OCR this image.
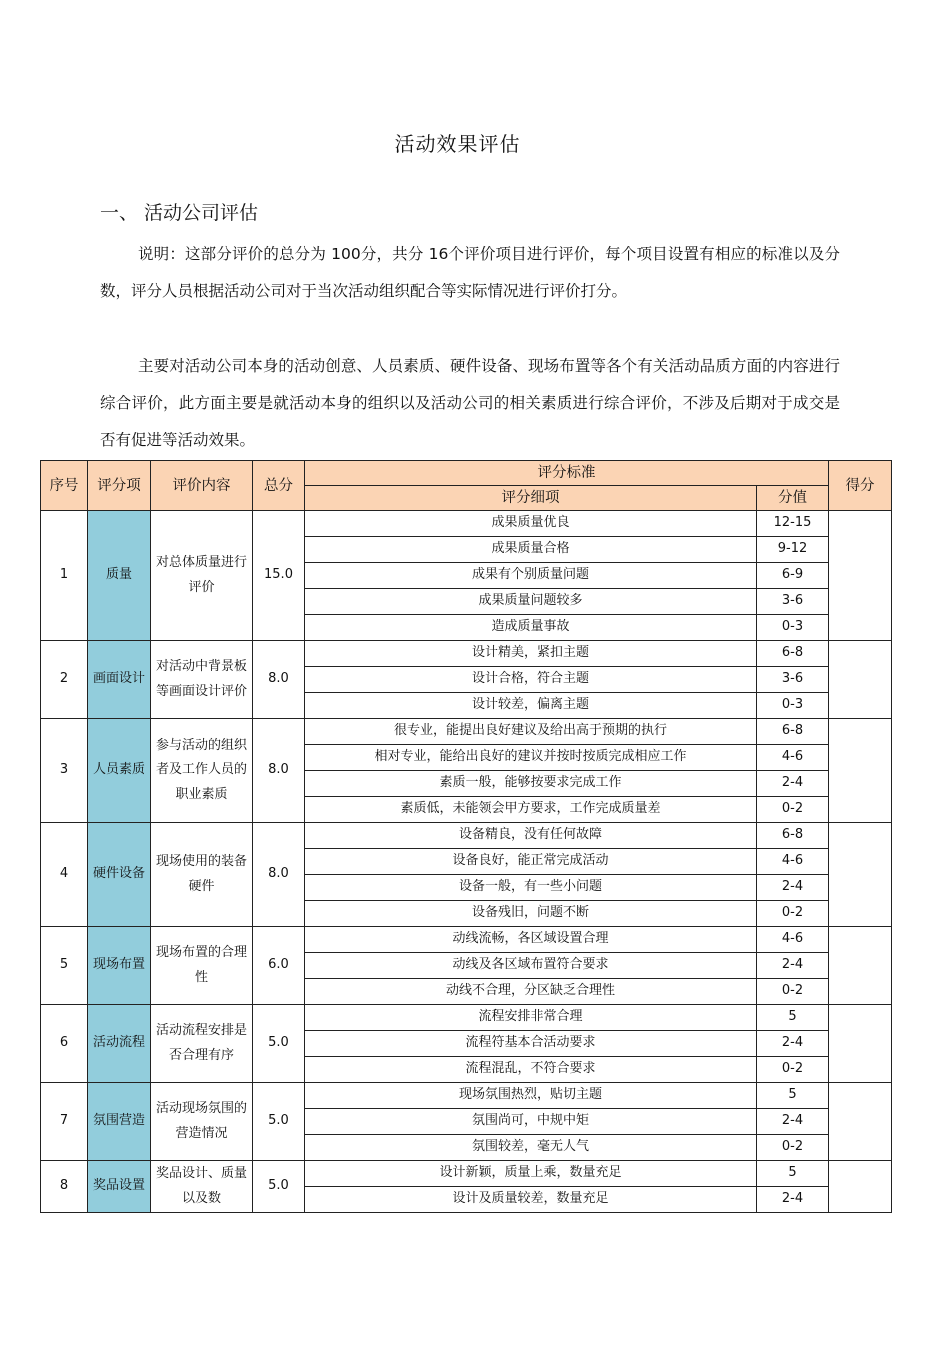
活动效果评估
一、 活动公司评估
说明：这部分评价的总分为 100分，共分 16个评价项目进行评价，每个项目设置有相应的标准以及分数，评分人员根据活动公司对于当次活动组织配合等实际情况进行评价打分。
主要对活动公司本身的活动创意、人员素质、硬件设备、现场布置等各个有关活动品质方面的内容进行综合评价，此方面主要是就活动本身的组织以及活动公司的相关素质进行综合评价，不涉及后期对于成交是否有促进等活动效果。
序号	评分项	评价内容	总分	评分标准		得分
				评分细项	分值	
1	质量	对总体质量进行评价	15.0	成果质量优良	12-15	
				成果质量合格	9-12	
				成果有个别质量问题	6-9	
				成果质量问题较多	3-6	
				造成质量事故	0-3	
2	画面设计	对活动中背景板等画面设计评价	8.0	设计精美，紧扣主题	6-8	
				设计合格，符合主题	3-6	
				设计较差，偏离主题	0-3	
3	人员素质	参与活动的组织者及工作人员的职业素质	8.0	很专业，能提出良好建议及给出高于预期的执行	6-8	
				相对专业，能给出良好的建议并按时按质完成相应工作	4-6	
				素质一般，能够按要求完成工作	2-4	
				素质低，未能领会甲方要求，工作完成质量差	0-2	
4	硬件设备	现场使用的装备硬件	8.0	设备精良，没有任何故障	6-8	
				设备良好，能正常完成活动	4-6	
				设备一般，有一些小问题	2-4	
				设备残旧，问题不断	0-2	
5	现场布置	现场布置的合理性	6.0	动线流畅，各区域设置合理	4-6	
				动线及各区域布置符合要求	2-4	
				动线不合理，分区缺乏合理性	0-2	
6	活动流程	活动流程安排是否合理有序	5.0	流程安排非常合理	5	
				流程符基本合活动要求	2-4	
				流程混乱，不符合要求	0-2	
7	氛围营造	活动现场氛围的营造情况	5.0	现场氛围热烈，贴切主题	5	
				氛围尚可，中规中矩	2-4	
				氛围较差，毫无人气	0-2	
8	奖品设置	奖品设计、质量以及数	5.0	设计新颖，质量上乘，数量充足	5	
				设计及质量较差，数量充足	2-4	
